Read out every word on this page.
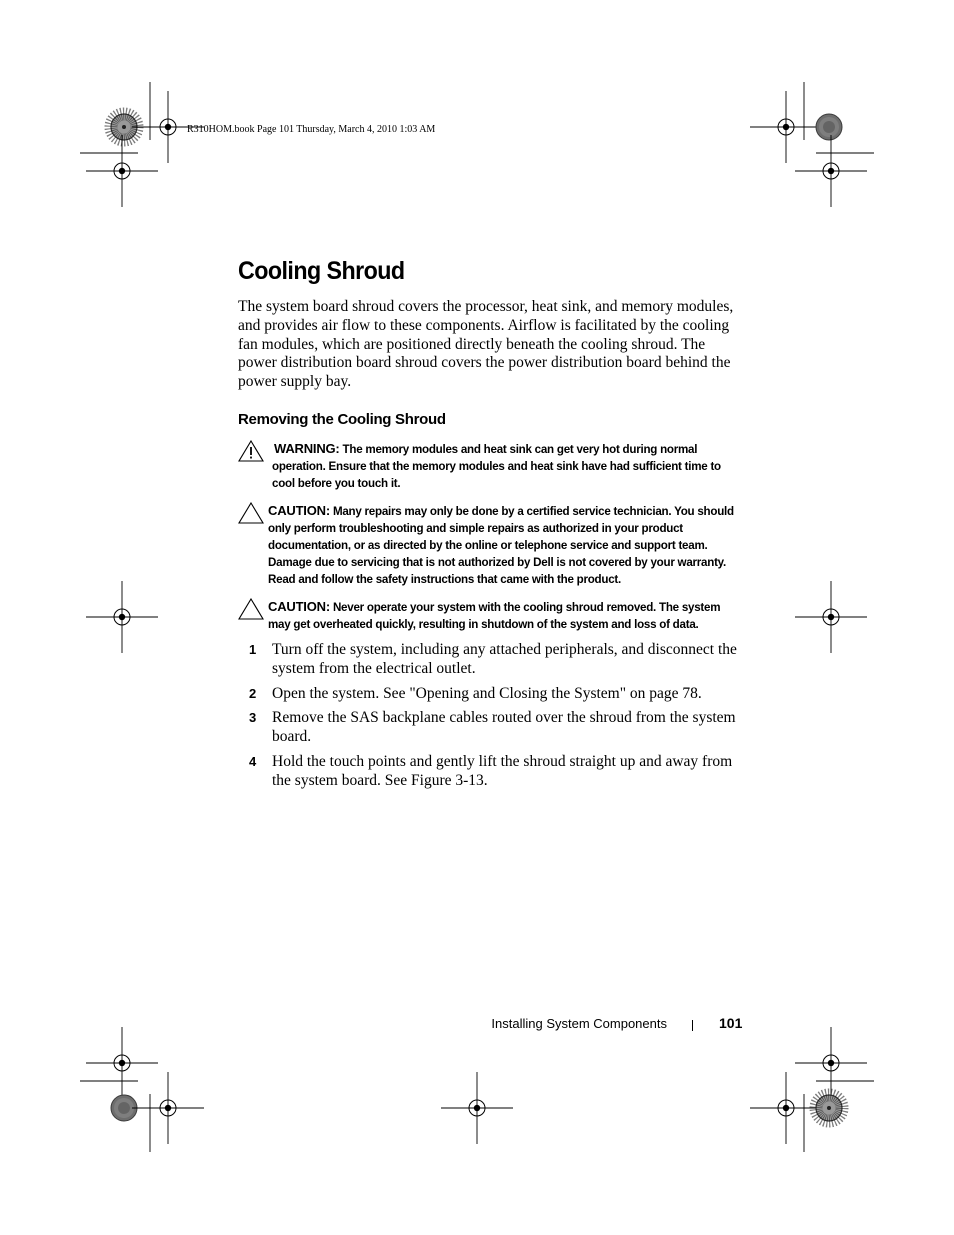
R310HOM.book Page 101 Thursday, March 4, 2010 1:03 AM
Cooling Shroud

The system board shroud covers the processor, heat sink, and memory modules, and provides air flow to these components. Airflow is facilitated by the cooling fan modules, which are positioned directly beneath the cooling shroud. The power distribution board shroud covers the power distribution board behind the power supply bay.

Removing the Cooling Shroud
WARNING: The memory modules and heat sink can get very hot during normal operation. Ensure that the memory modules and heat sink have had sufficient time to cool before you touch it.
CAUTION: Many repairs may only be done by a certified service technician. You should only perform troubleshooting and simple repairs as authorized in your product documentation, or as directed by the online or telephone service and support team. Damage due to servicing that is not authorized by Dell is not covered by your warranty. Read and follow the safety instructions that came with the product.
CAUTION: Never operate your system with the cooling shroud removed. The system may get overheated quickly, resulting in shutdown of the system and loss of data.
1 Turn off the system, including any attached peripherals, and disconnect the system from the electrical outlet.
2 Open the system. See "Opening and Closing the System" on page 78.
3 Remove the SAS backplane cables routed over the shroud from the system board.
4 Hold the touch points and gently lift the shroud straight up and away from the system board. See Figure 3-13.
Installing System Components	101
